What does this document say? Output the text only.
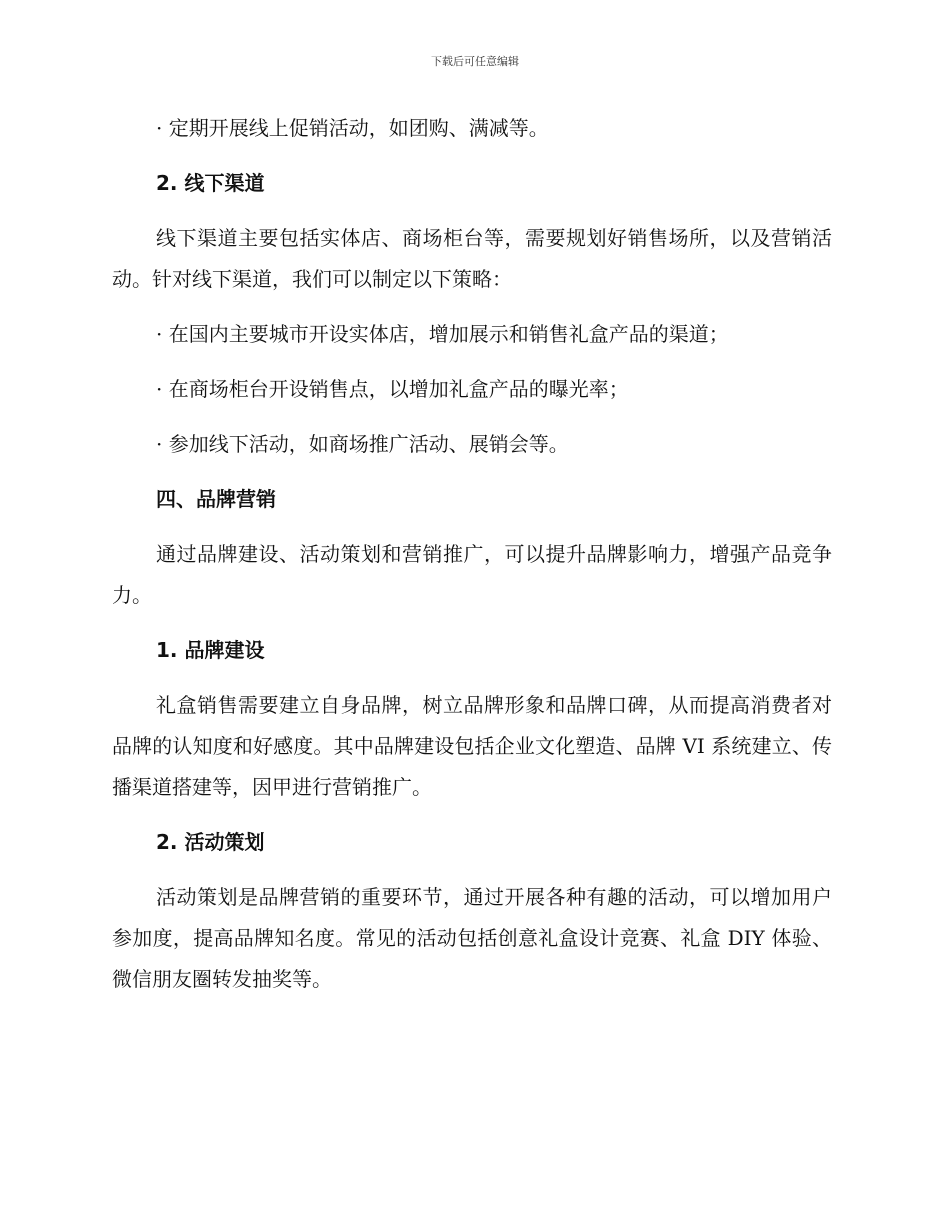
下载后可任意编辑

· 定期开展线上促销活动，如团购、满减等。

2. 线下渠道

线下渠道主要包括实体店、商场柜台等，需要规划好销售场所，以及营销活动。针对线下渠道，我们可以制定以下策略：

· 在国内主要城市开设实体店，增加展示和销售礼盒产品的渠道；

· 在商场柜台开设销售点，以增加礼盒产品的曝光率；

· 参加线下活动，如商场推广活动、展销会等。

四、品牌营销

通过品牌建设、活动策划和营销推广，可以提升品牌影响力，增强产品竞争力。

1. 品牌建设

礼盒销售需要建立自身品牌，树立品牌形象和品牌口碑，从而提高消费者对品牌的认知度和好感度。其中品牌建设包括企业文化塑造、品牌 VI 系统建立、传播渠道搭建等，因甲进行营销推广。

2. 活动策划

活动策划是品牌营销的重要环节，通过开展各种有趣的活动，可以增加用户参加度，提高品牌知名度。常见的活动包括创意礼盒设计竞赛、礼盒 DIY 体验、微信朋友圈转发抽奖等。
